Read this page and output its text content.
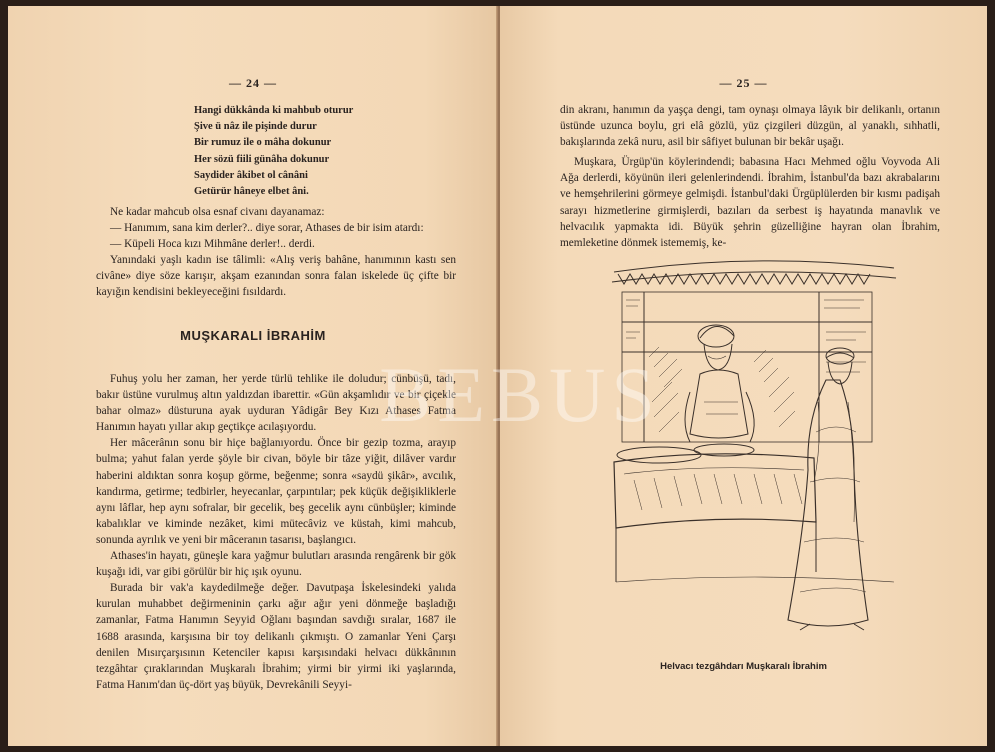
— 24 —
Hangi dükkânda ki mahbub oturur
Şive ü nâz ile pişinde durur
Bir rumuz ile o mâha dokunur
Her sözü fiili günâha dokunur
Saydider âkibet ol cânâni
Getürür hâneye elbet âni.

Ne kadar mahcub olsa esnaf civanı dayanamaz:

— Hanımım, sana kim derler?.. diye sorar, Athases de bir isim atardı:

— Küpeli Hoca kızı Mihmâne derler!.. derdi.

Yanındaki yaşlı kadın ise tâlimli: «Alış veriş bahâne, hanımının kastı sen civâne» diye söze karışır, akşam ezanından sonra falan iskelede üç çifte bir kayığın kendisini bekleyeceğini fısıldardı.

MUŞKARALI İBRAHİM

Fuhuş yolu her zaman, her yerde türlü tehlike ile doludur; cünbüşü, tadı, bakır üstüne vurulmuş altın yaldızdan ibarettir. «Gün akşamlıdır ve bir çiçekle bahar olmaz» düsturuna ayak uyduran Yâdigâr Bey Kızı Athases Fatma Hanımın hayatı yıllar akıp geçtikçe acılaşıyordu.

Her mâcerânın sonu bir hiçe bağlanıyordu. Önce bir gezip tozma, arayıp bulma; yahut falan yerde şöyle bir civan, böyle bir tâze yiğit, dilâver vardır haberini aldıktan sonra koşup görme, beğenme; sonra «saydü şikâr», avcılık, kandırma, getirme; tedbirler, heyecanlar, çarpıntılar; pek küçük değişikliklerle aynı lâflar, hep aynı sofralar, bir gecelik, beş gecelik aynı cünbüşler; kiminde kabalıklar ve kiminde nezâket, kimi mütecâviz ve küstah, kimi mahcub, sonunda ayrılık ve yeni bir mâceranın tasarısı, başlangıcı.

Athases'in hayatı, güneşle kara yağmur bulutları arasında rengârenk bir gök kuşağı idi, var gibi görülür bir hiç ışık oyunu.

Burada bir vak'a kaydedilmeğe değer. Davutpaşa İskelesindeki yalıda kurulan muhabbet değirmeninin çarkı ağır ağır yeni dönmeğe başladığı zamanlar, Fatma Hanımın Seyyid Oğlanı başından savdığı sıralar, 1687 ile 1688 arasında, karşısına bir toy delikanlı çıkmıştı. O zamanlar Yeni Çarşı denilen Mısırçarşısının Ketenciler kapısı karşısındaki helvacı dükkânının tezgâhtar çıraklarından Muşkaralı İbrahim; yirmi bir yirmi iki yaşlarında, Fatma Hanım'dan üç-dört yaş büyük, Devrekânili Seyyi-

— 25 —

din akranı, hanımın da yaşça dengi, tam oynaşı olmaya lâyık bir delikanlı, ortanın üstünde uzunca boylu, gri elâ gözlü, yüz çizgileri düzgün, al yanaklı, sıhhatli, bakışlarında zekâ nuru, asil bir sâfiyet bulunan bir bekâr uşağı.

Muşkara, Ürgüp'ün köylerindendi; babasına Hacı Mehmed oğlu Voyvoda Ali Ağa derlerdi, köyünün ileri gelenlerindendi. İbrahim, İstanbul'da bazı akrabalarını ve hemşehrilerini görmeye gelmişdi. İstanbul'daki Ürgüplülerden bir kısmı padişah sarayı hizmetlerine girmişlerdi, bazıları da serbest iş hayatında manavlık ve helvacılık yapmakta idi. Büyük şehrin güzelliğine hayran olan İbrahim, memleketine dönmek istememiş, ke-

Helvacı tezgâhdarı Muşkaralı İbrahim
BEBUS
